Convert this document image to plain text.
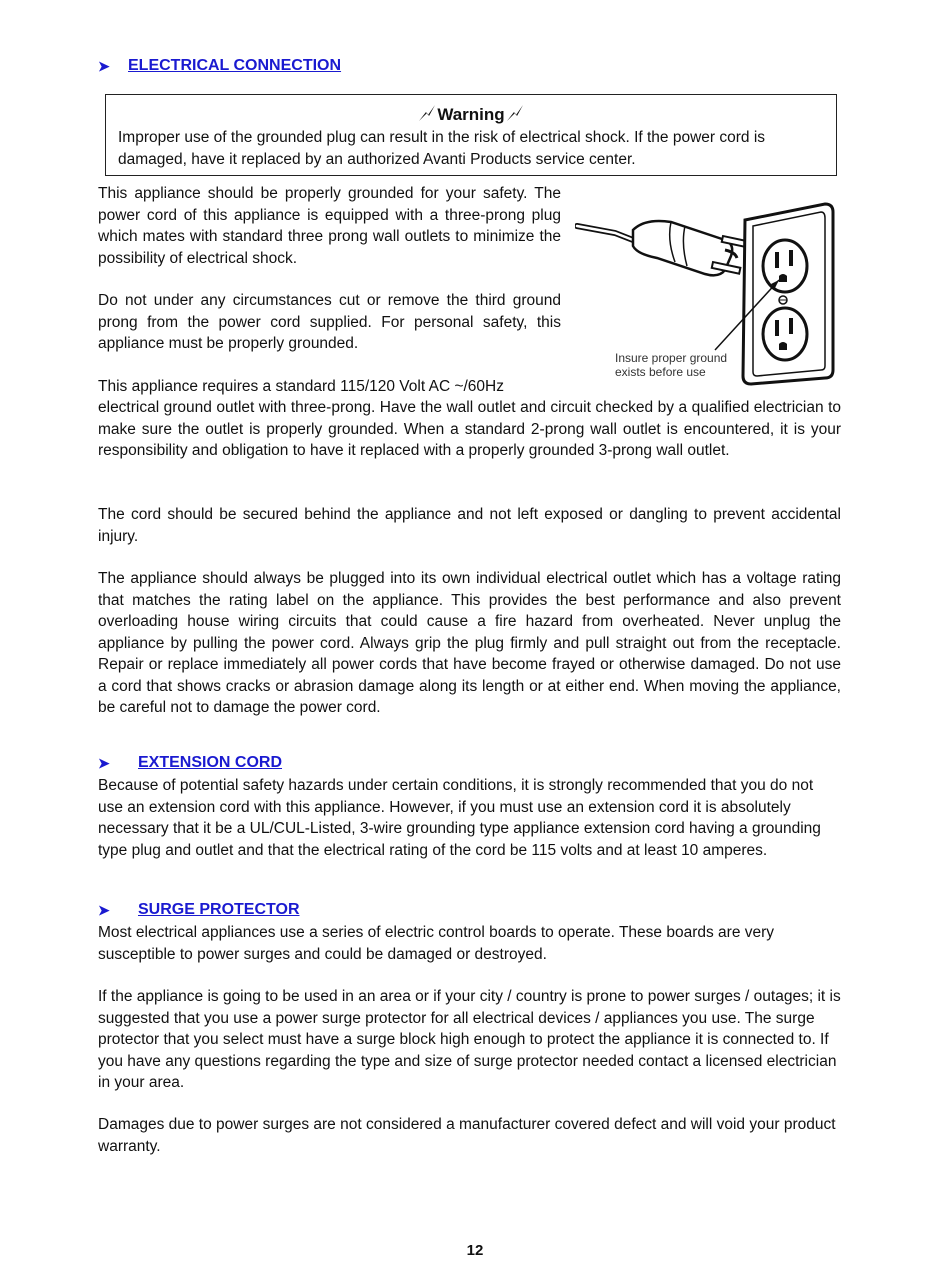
➤ ELECTRICAL CONNECTION
Warning
Improper use of the grounded plug can result in the risk of electrical shock. If the power cord is damaged, have it replaced by an authorized Avanti Products service center.

This appliance should be properly grounded for your safety. The power cord of this appliance is equipped with a three-prong plug which mates with standard three prong wall outlets to minimize the possibility of electrical shock.

Do not under any circumstances cut or remove the third ground prong from the power cord supplied. For personal safety, this appliance must be properly grounded.

This appliance requires a standard 115/120 Volt AC ~/60Hz

Insure proper ground
exists before use

electrical ground outlet with three-prong. Have the wall outlet and circuit checked by a qualified electrician to make sure the outlet is properly grounded. When a standard 2-prong wall outlet is encountered, it is your responsibility and obligation to have it replaced with a properly grounded 3-prong wall outlet.

The cord should be secured behind the appliance and not left exposed or dangling to prevent accidental injury.

The appliance should always be plugged into its own individual electrical outlet which has a voltage rating that matches the rating label on the appliance. This provides the best performance and also prevent overloading house wiring circuits that could cause a fire hazard from overheated. Never unplug the appliance by pulling the power cord. Always grip the plug firmly and pull straight out from the receptacle. Repair or replace immediately all power cords that have become frayed or otherwise damaged. Do not use a cord that shows cracks or abrasion damage along its length or at either end. When moving the appliance, be careful not to damage the power cord.

➤ EXTENSION CORD

Because of potential safety hazards under certain conditions, it is strongly recommended that you do not use an extension cord with this appliance. However, if you must use an extension cord it is absolutely necessary that it be a UL/CUL-Listed, 3-wire grounding type appliance extension cord having a grounding type plug and outlet and that the electrical rating of the cord be 115 volts and at least 10 amperes.

➤ SURGE PROTECTOR

Most electrical appliances use a series of electric control boards to operate. These boards are very susceptible to power surges and could be damaged or destroyed.

If the appliance is going to be used in an area or if your city / country is prone to power surges / outages; it is suggested that you use a power surge protector for all electrical devices / appliances you use. The surge protector that you select must have a surge block high enough to protect the appliance it is connected to. If you have any questions regarding the type and size of surge protector needed contact a licensed electrician in your area.

Damages due to power surges are not considered a manufacturer covered defect and will void your product warranty.

12
